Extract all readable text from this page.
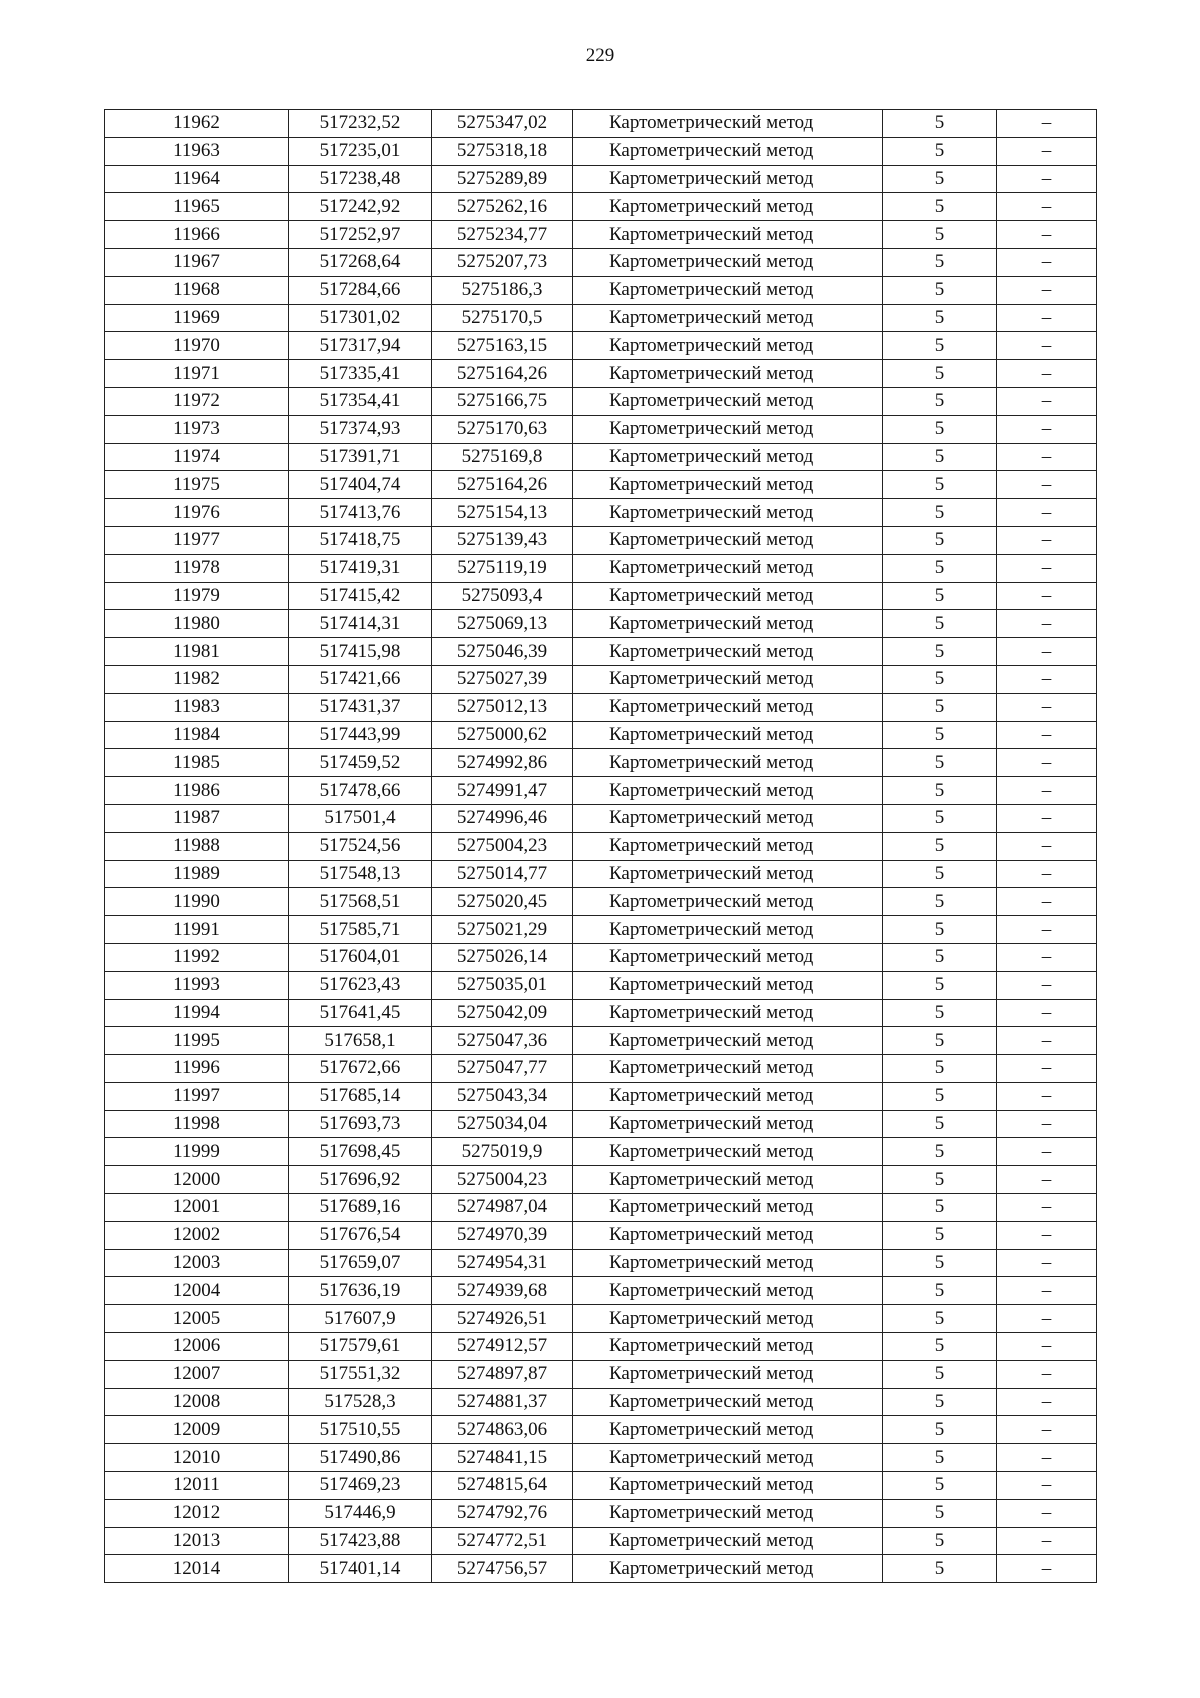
229
11962	517232,52	5275347,02	Картометрический метод	5	–
11963	517235,01	5275318,18	Картометрический метод	5	–
11964	517238,48	5275289,89	Картометрический метод	5	–
11965	517242,92	5275262,16	Картометрический метод	5	–
11966	517252,97	5275234,77	Картометрический метод	5	–
11967	517268,64	5275207,73	Картометрический метод	5	–
11968	517284,66	5275186,3	Картометрический метод	5	–
11969	517301,02	5275170,5	Картометрический метод	5	–
11970	517317,94	5275163,15	Картометрический метод	5	–
11971	517335,41	5275164,26	Картометрический метод	5	–
11972	517354,41	5275166,75	Картометрический метод	5	–
11973	517374,93	5275170,63	Картометрический метод	5	–
11974	517391,71	5275169,8	Картометрический метод	5	–
11975	517404,74	5275164,26	Картометрический метод	5	–
11976	517413,76	5275154,13	Картометрический метод	5	–
11977	517418,75	5275139,43	Картометрический метод	5	–
11978	517419,31	5275119,19	Картометрический метод	5	–
11979	517415,42	5275093,4	Картометрический метод	5	–
11980	517414,31	5275069,13	Картометрический метод	5	–
11981	517415,98	5275046,39	Картометрический метод	5	–
11982	517421,66	5275027,39	Картометрический метод	5	–
11983	517431,37	5275012,13	Картометрический метод	5	–
11984	517443,99	5275000,62	Картометрический метод	5	–
11985	517459,52	5274992,86	Картометрический метод	5	–
11986	517478,66	5274991,47	Картометрический метод	5	–
11987	517501,4	5274996,46	Картометрический метод	5	–
11988	517524,56	5275004,23	Картометрический метод	5	–
11989	517548,13	5275014,77	Картометрический метод	5	–
11990	517568,51	5275020,45	Картометрический метод	5	–
11991	517585,71	5275021,29	Картометрический метод	5	–
11992	517604,01	5275026,14	Картометрический метод	5	–
11993	517623,43	5275035,01	Картометрический метод	5	–
11994	517641,45	5275042,09	Картометрический метод	5	–
11995	517658,1	5275047,36	Картометрический метод	5	–
11996	517672,66	5275047,77	Картометрический метод	5	–
11997	517685,14	5275043,34	Картометрический метод	5	–
11998	517693,73	5275034,04	Картометрический метод	5	–
11999	517698,45	5275019,9	Картометрический метод	5	–
12000	517696,92	5275004,23	Картометрический метод	5	–
12001	517689,16	5274987,04	Картометрический метод	5	–
12002	517676,54	5274970,39	Картометрический метод	5	–
12003	517659,07	5274954,31	Картометрический метод	5	–
12004	517636,19	5274939,68	Картометрический метод	5	–
12005	517607,9	5274926,51	Картометрический метод	5	–
12006	517579,61	5274912,57	Картометрический метод	5	–
12007	517551,32	5274897,87	Картометрический метод	5	–
12008	517528,3	5274881,37	Картометрический метод	5	–
12009	517510,55	5274863,06	Картометрический метод	5	–
12010	517490,86	5274841,15	Картометрический метод	5	–
12011	517469,23	5274815,64	Картометрический метод	5	–
12012	517446,9	5274792,76	Картометрический метод	5	–
12013	517423,88	5274772,51	Картометрический метод	5	–
12014	517401,14	5274756,57	Картометрический метод	5	–
